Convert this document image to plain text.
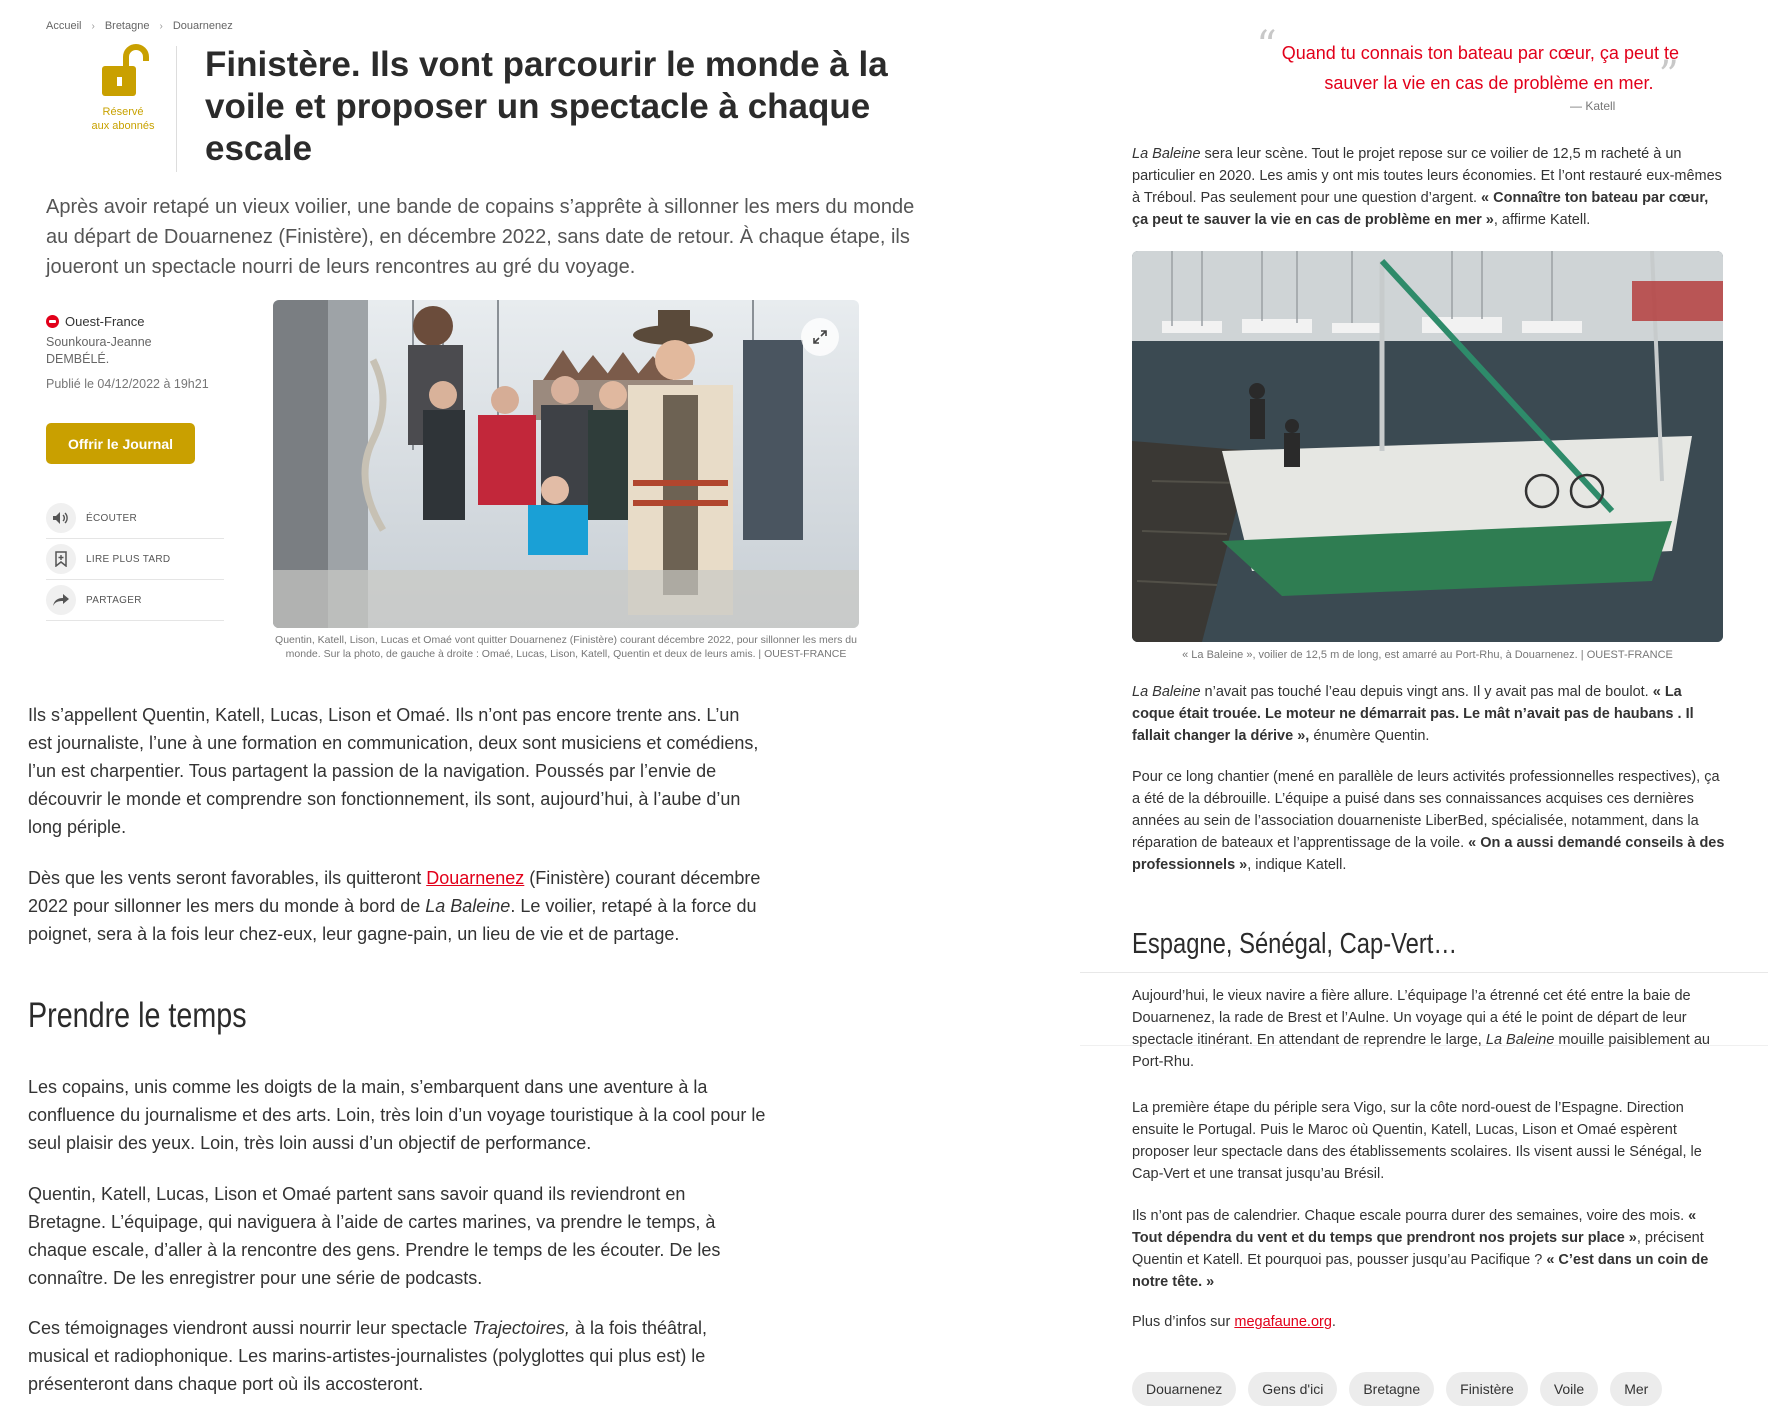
Accueil › Bretagne › Douarnenez
Réservé
aux abonnés
Finistère. Ils vont parcourir le monde à la voile et proposer un spectacle à chaque escale

Après avoir retapé un vieux voilier, une bande de copains s’apprête à sillonner les mers du monde au départ de Douarnenez (Finistère), en décembre 2022, sans date de retour. À chaque étape, ils joueront un spectacle nourri de leurs rencontres au gré du voyage.

Ouest-France
Sounkoura-Jeanne DEMBÉLÉ.
Publié le 04/12/2022 à 19h21
Offrir le Journal
ÉCOUTER
LIRE PLUS TARD
PARTAGER
Quentin, Katell, Lison, Lucas et Omaé vont quitter Douarnenez (Finistère) courant décembre 2022, pour sillonner les mers du monde. Sur la photo, de gauche à droite : Omaé, Lucas, Lison, Katell, Quentin et deux de leurs amis. | OUEST-FRANCE

Ils s’appellent Quentin, Katell, Lucas, Lison et Omaé. Ils n’ont pas encore trente ans. L’un est journaliste, l’une à une formation en communication, deux sont musiciens et comédiens, l’un est charpentier. Tous partagent la passion de la navigation. Poussés par l’envie de découvrir le monde et comprendre son fonctionnement, ils sont, aujourd’hui, à l’aube d’un long périple.

Dès que les vents seront favorables, ils quitteront Douarnenez (Finistère) courant décembre 2022 pour sillonner les mers du monde à bord de La Baleine. Le voilier, retapé à la force du poignet, sera à la fois leur chez-eux, leur gagne-pain, un lieu de vie et de partage.

Prendre le temps

Les copains, unis comme les doigts de la main, s’embarquent dans une aventure à la confluence du journalisme et des arts. Loin, très loin d’un voyage touristique à la cool pour le seul plaisir des yeux. Loin, très loin aussi d’un objectif de performance.

Quentin, Katell, Lucas, Lison et Omaé partent sans savoir quand ils reviendront en Bretagne. L’équipage, qui naviguera à l’aide de cartes marines, va prendre le temps, à chaque escale, d’aller à la rencontre des gens. Prendre le temps de les écouter. De les connaître. De les enregistrer pour une série de podcasts.

Ces témoignages viendront aussi nourrir leur spectacle Trajectoires, à la fois théâtral, musical et radiophonique. Les marins-artistes-journalistes (polyglottes qui plus est) le présenteront dans chaque port où ils accosteront.

“ Quand tu connais ton bateau par cœur, ça peut te sauver la vie en cas de problème en mer. ”
— Katell

La Baleine sera leur scène. Tout le projet repose sur ce voilier de 12,5 m racheté à un particulier en 2020. Les amis y ont mis toutes leurs économies. Et l’ont restauré eux-mêmes à Tréboul. Pas seulement pour une question d’argent. « Connaître ton bateau par cœur, ça peut te sauver la vie en cas de problème en mer », affirme Katell.

« La Baleine », voilier de 12,5 m de long, est amarré au Port-Rhu, à Douarnenez. | OUEST-FRANCE

La Baleine n’avait pas touché l’eau depuis vingt ans. Il y avait pas mal de boulot. « La coque était trouée. Le moteur ne démarrait pas. Le mât n’avait pas de haubans . Il fallait changer la dérive », énumère Quentin.

Pour ce long chantier (mené en parallèle de leurs activités professionnelles respectives), ça a été de la débrouille. L’équipe a puisé dans ses connaissances acquises ces dernières années au sein de l’association douarneniste LiberBed, spécialisée, notamment, dans la réparation de bateaux et l’apprentissage de la voile. « On a aussi demandé conseils à des professionnels », indique Katell.

Espagne, Sénégal, Cap-Vert…

Aujourd’hui, le vieux navire a fière allure. L’équipage l’a étrenné cet été entre la baie de Douarnenez, la rade de Brest et l’Aulne. Un voyage qui a été le point de départ de leur spectacle itinérant. En attendant de reprendre le large, La Baleine mouille paisiblement au Port-Rhu.

La première étape du périple sera Vigo, sur la côte nord-ouest de l’Espagne. Direction ensuite le Portugal. Puis le Maroc où Quentin, Katell, Lucas, Lison et Omaé espèrent proposer leur spectacle dans des établissements scolaires. Ils visent aussi le Sénégal, le Cap-Vert et une transat jusqu’au Brésil.

Ils n’ont pas de calendrier. Chaque escale pourra durer des semaines, voire des mois. « Tout dépendra du vent et du temps que prendront nos projets sur place », précisent Quentin et Katell. Et pourquoi pas, pousser jusqu’au Pacifique ? « C’est dans un coin de notre tête. »

Plus d’infos sur megafaune.org.

Douarnenez	Gens d'ici	Bretagne	Finistère	Voile	Mer
